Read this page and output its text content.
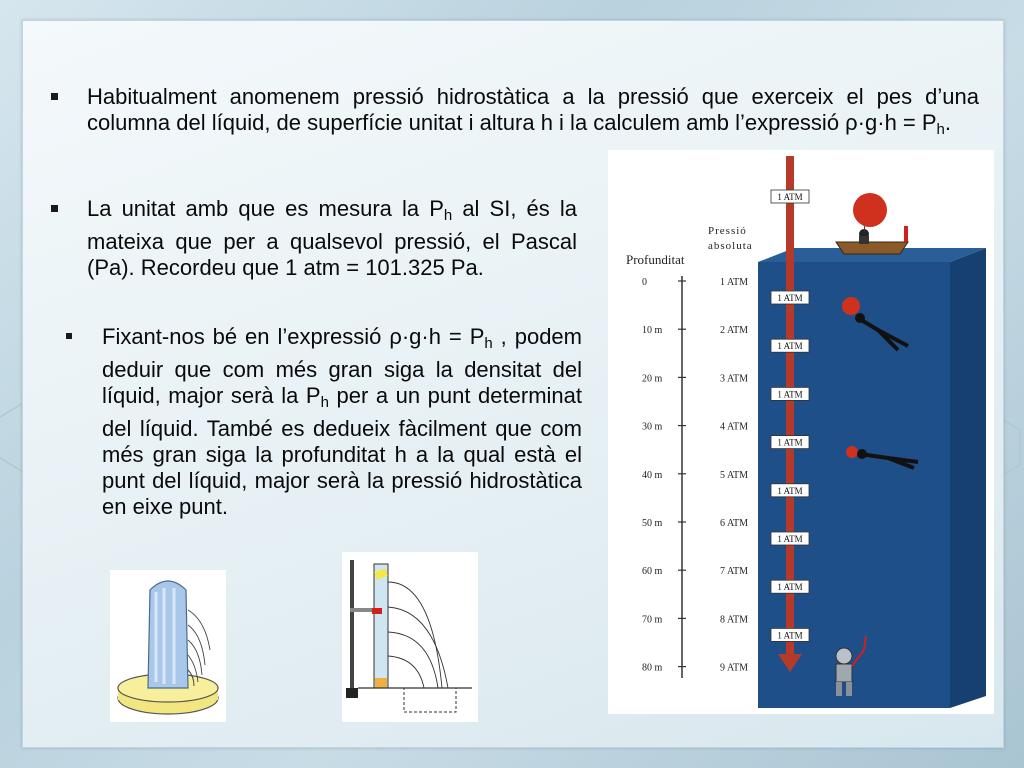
Habitualment anomenem pressió hidrostàtica a la pressió que exerceix el pes d’una columna del líquid, de superfície unitat i altura h i la calculem amb l’expressió $\rho\cdot g\cdot h = P_h$.
La unitat amb que es mesura la $P_h$ al SI, és la mateixa que per a qualsevol pressió, el Pascal (Pa). Recordeu que 1 atm = 101.325 Pa.
Fixant-nos bé en l’expressió $\rho\cdot g\cdot h = P_h$ , podem deduir que com més gran siga la densitat del líquid, major serà la $P_h$ per a un punt determinat del líquid. També es dedueix fàcilment que com més gran siga la profunditat h a la qual està el punt del líquid, major serà la pressió hidrostàtica en eixe punt.
0
10 m
20 m
30 m
40 m
50 m
60 m
70 m
80 m
1 ATM
2 ATM
3 ATM
4 ATM
5 ATM
6 ATM
7 ATM
8 ATM
9 ATM
1 ATM
1 ATM
1 ATM
1 ATM
1 ATM
1 ATM
1 ATM
1 ATM
1 ATM
Profunditat
Pressió
absoluta
